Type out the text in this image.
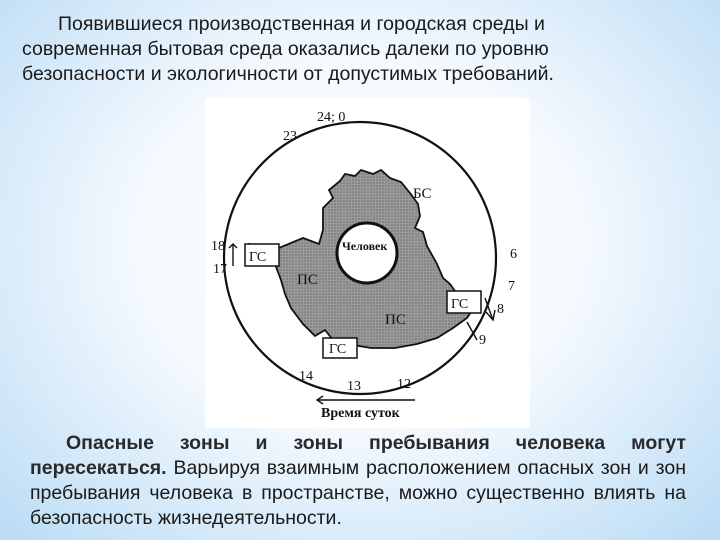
Появившиеся производственная и городская среды и

современная бытовая среда оказались далеки по уровню

безопасности и экологичности от допустимых требований.

24; 0
23
18
17
6
7
8
9
14
13	12
БС
Человек
ГС
ПС
ГС
ПС
ГС
Время суток

Опасные зоны и зоны пребывания человека могут пересекаться. Варьируя взаимным расположением опасных зон и зон пребывания человека в пространстве, можно существенно влиять на безопасность жизнедеятельности.
